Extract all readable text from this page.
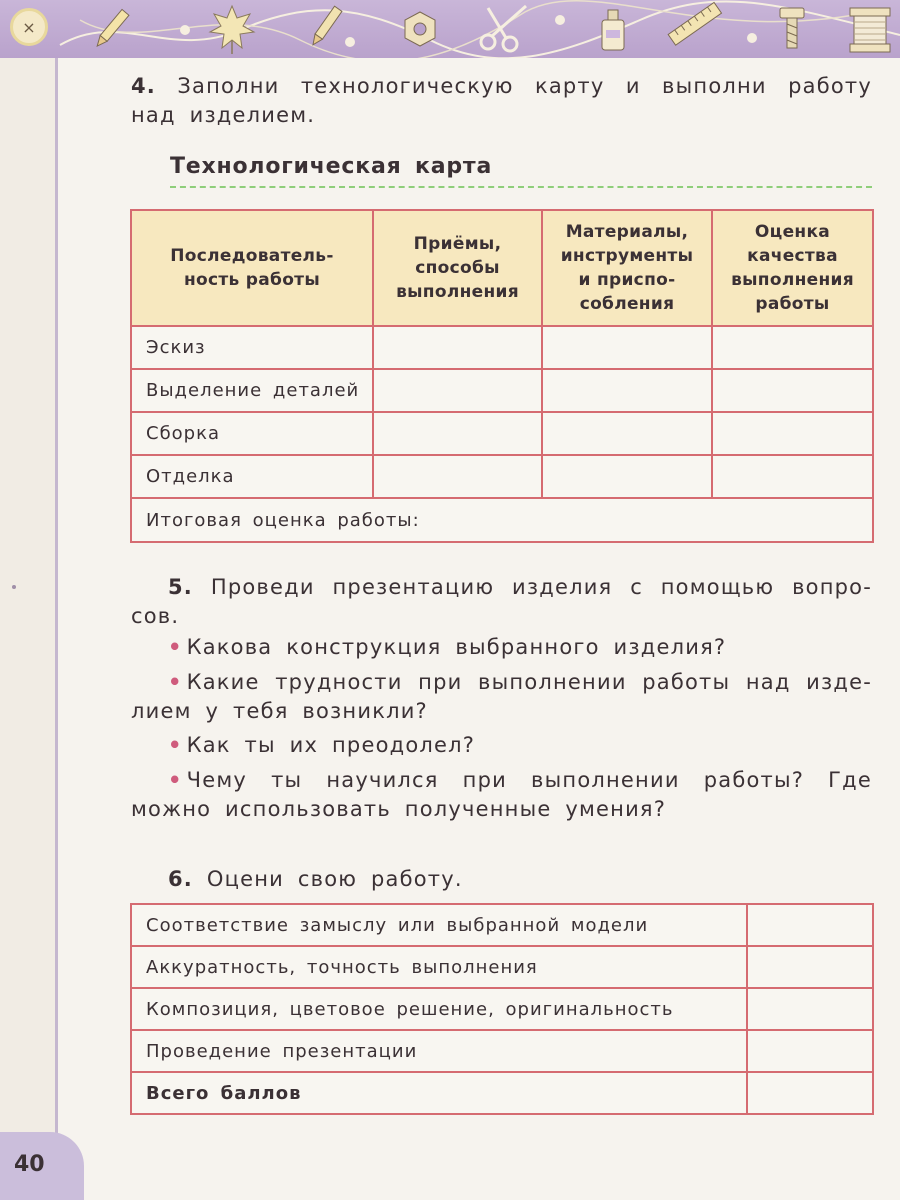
×
40
4. Заполни технологическую карту и выполни работу над изделием.
Технологическая карта
Последователь-ность работы	Приёмы, способы выполнения	Материалы, инструменты и приспо-собления	Оценка качества выполнения работы
Эскиз			
Выделение деталей			
Сборка			
Отделка			
Итоговая оценка работы:			
5. Проведи презентацию изделия с помощью вопро-сов.
• Какова конструкция выбранного изделия?
• Какие трудности при выполнении работы над изде-лием у тебя возникли?
• Как ты их преодолел?
• Чему ты научился при выполнении работы? Где можно использовать полученные умения?
6. Оцени свою работу.
Соответствие замыслу или выбранной модели	
Аккуратность, точность выполнения	
Композиция, цветовое решение, оригинальность	
Проведение презентации	
Всего баллов	
